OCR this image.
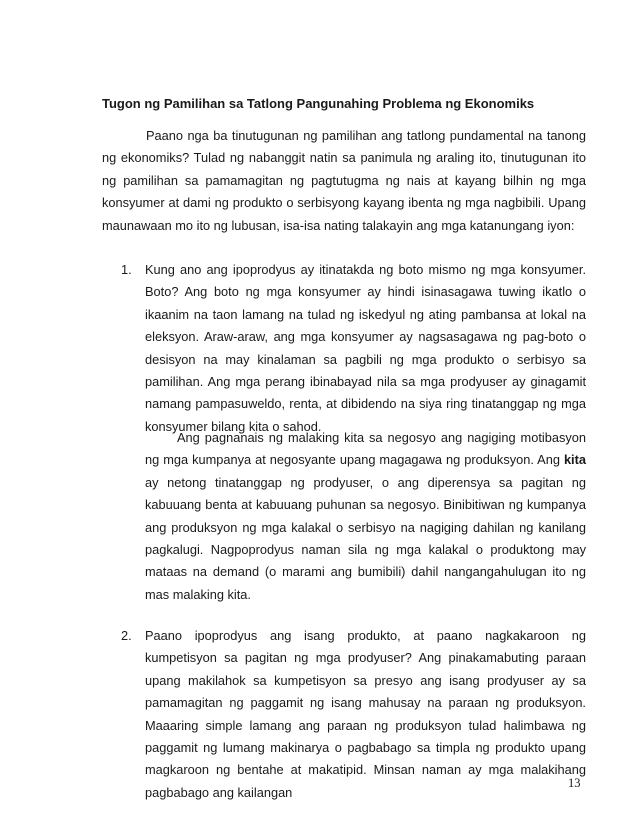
Tugon ng Pamilihan sa Tatlong Pangunahing Problema ng Ekonomiks

Paano nga ba tinutugunan ng pamilihan ang tatlong pundamental na tanong ng ekonomiks? Tulad ng nabanggit natin sa panimula ng araling ito, tinutugunan ito ng pamilihan sa pamamagitan ng pagtutugma ng nais at kayang bilhin ng mga konsyumer at dami ng produkto o serbisyong kayang ibenta ng mga nagbibili. Upang maunawaan mo ito ng lubusan, isa-isa nating talakayin ang mga katanungang iyon:

1. Kung ano ang ipoprodyus ay itinatakda ng boto mismo ng mga konsyumer. Boto? Ang boto ng mga konsyumer ay hindi isinasagawa tuwing ikatlo o ikaanim na taon lamang na tulad ng iskedyul ng ating pambansa at lokal na eleksyon. Araw-araw, ang mga konsyumer ay nagsasagawa ng pag-boto o desisyon na may kinalaman sa pagbili ng mga produkto o serbisyo sa pamilihan. Ang mga perang ibinabayad nila sa mga prodyuser ay ginagamit namang pampasuweldo, renta, at dibidendo na siya ring tinatanggap ng mga konsyumer bilang kita o sahod.

Ang pagnanais ng malaking kita sa negosyo ang nagiging motibasyon ng mga kumpanya at negosyante upang magagawa ng produksyon. Ang kita ay netong tinatanggap ng prodyuser, o ang diperensya sa pagitan ng kabuuang benta at kabuuang puhunan sa negosyo. Binibitiwan ng kumpanya ang produksyon ng mga kalakal o serbisyo na nagiging dahilan ng kanilang pagkalugi. Nagpoprodyus naman sila ng mga kalakal o produktong may mataas na demand (o marami ang bumibili) dahil nangangahulugan ito ng mas malaking kita.

2. Paano ipoprodyus ang isang produkto, at paano nagkakaroon ng kumpetisyon sa pagitan ng mga prodyuser? Ang pinakamabuting paraan upang makilahok sa kumpetisyon sa presyo ang isang prodyuser ay sa pamamagitan ng paggamit ng isang mahusay na paraan ng produksyon. Maaaring simple lamang ang paraan ng produksyon tulad halimbawa ng paggamit ng lumang makinarya o pagbabago sa timpla ng produkto upang magkaroon ng bentahe at makatipid. Minsan naman ay mga malakihang pagbabago ang kailangan

13
